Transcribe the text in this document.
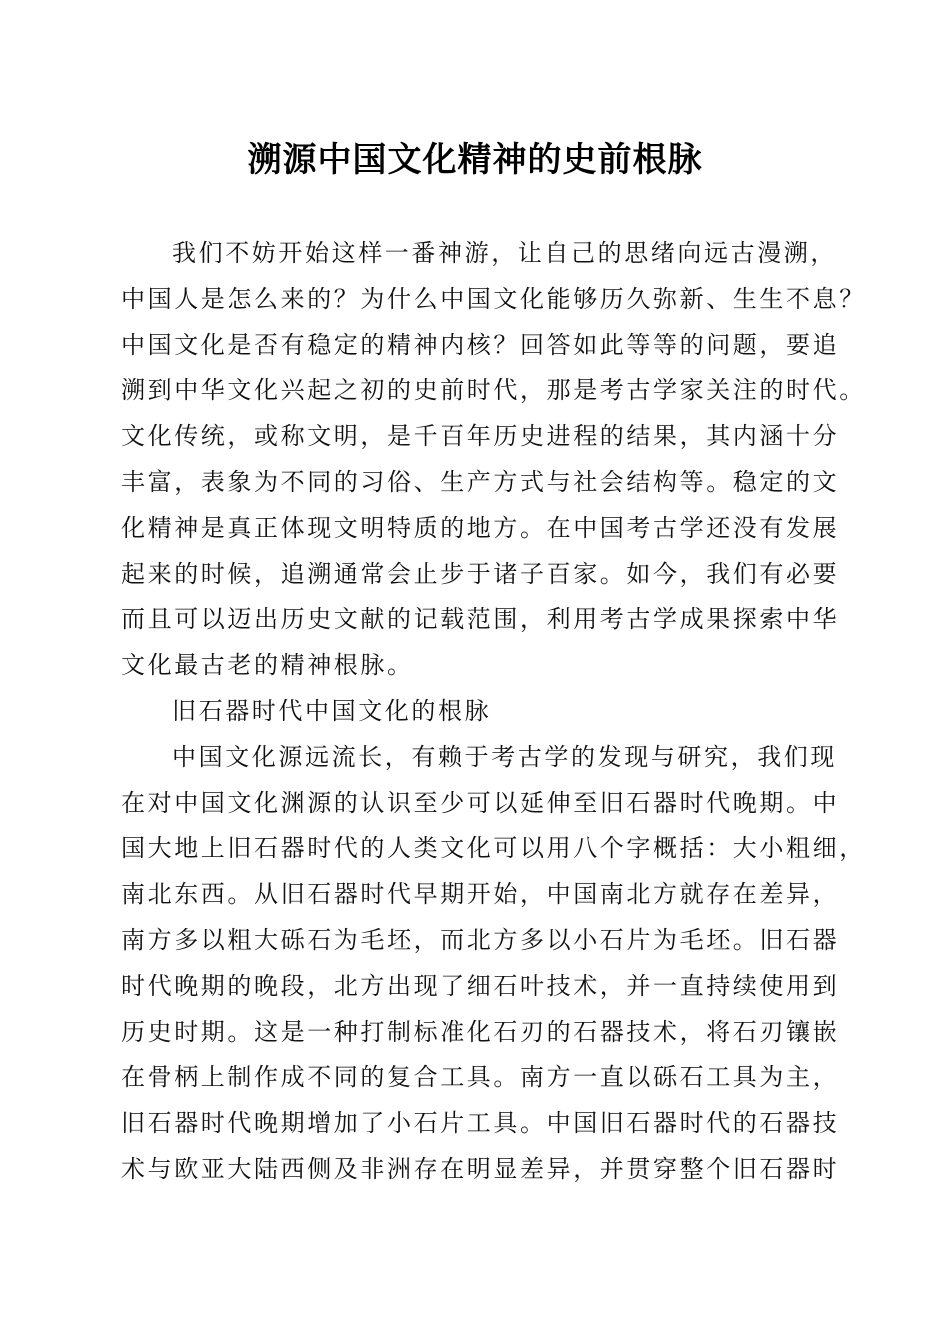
溯源中国文化精神的史前根脉
我们不妨开始这样一番神游，让自己的思绪向远古漫溯，
中国人是怎么来的？为什么中国文化能够历久弥新、生生不息？
中国文化是否有稳定的精神内核？回答如此等等的问题，要追
溯到中华文化兴起之初的史前时代，那是考古学家关注的时代。
文化传统，或称文明，是千百年历史进程的结果，其内涵十分
丰富，表象为不同的习俗、生产方式与社会结构等。稳定的文
化精神是真正体现文明特质的地方。在中国考古学还没有发展
起来的时候，追溯通常会止步于诸子百家。如今，我们有必要
而且可以迈出历史文献的记载范围，利用考古学成果探索中华
文化最古老的精神根脉。
旧石器时代中国文化的根脉
中国文化源远流长，有赖于考古学的发现与研究，我们现
在对中国文化渊源的认识至少可以延伸至旧石器时代晚期。中
国大地上旧石器时代的人类文化可以用八个字概括：大小粗细，
南北东西。从旧石器时代早期开始，中国南北方就存在差异，
南方多以粗大砾石为毛坯，而北方多以小石片为毛坯。旧石器
时代晚期的晚段，北方出现了细石叶技术，并一直持续使用到
历史时期。这是一种打制标准化石刃的石器技术，将石刃镶嵌
在骨柄上制作成不同的复合工具。南方一直以砾石工具为主，
旧石器时代晚期增加了小石片工具。中国旧石器时代的石器技
术与欧亚大陆西侧及非洲存在明显差异，并贯穿整个旧石器时
